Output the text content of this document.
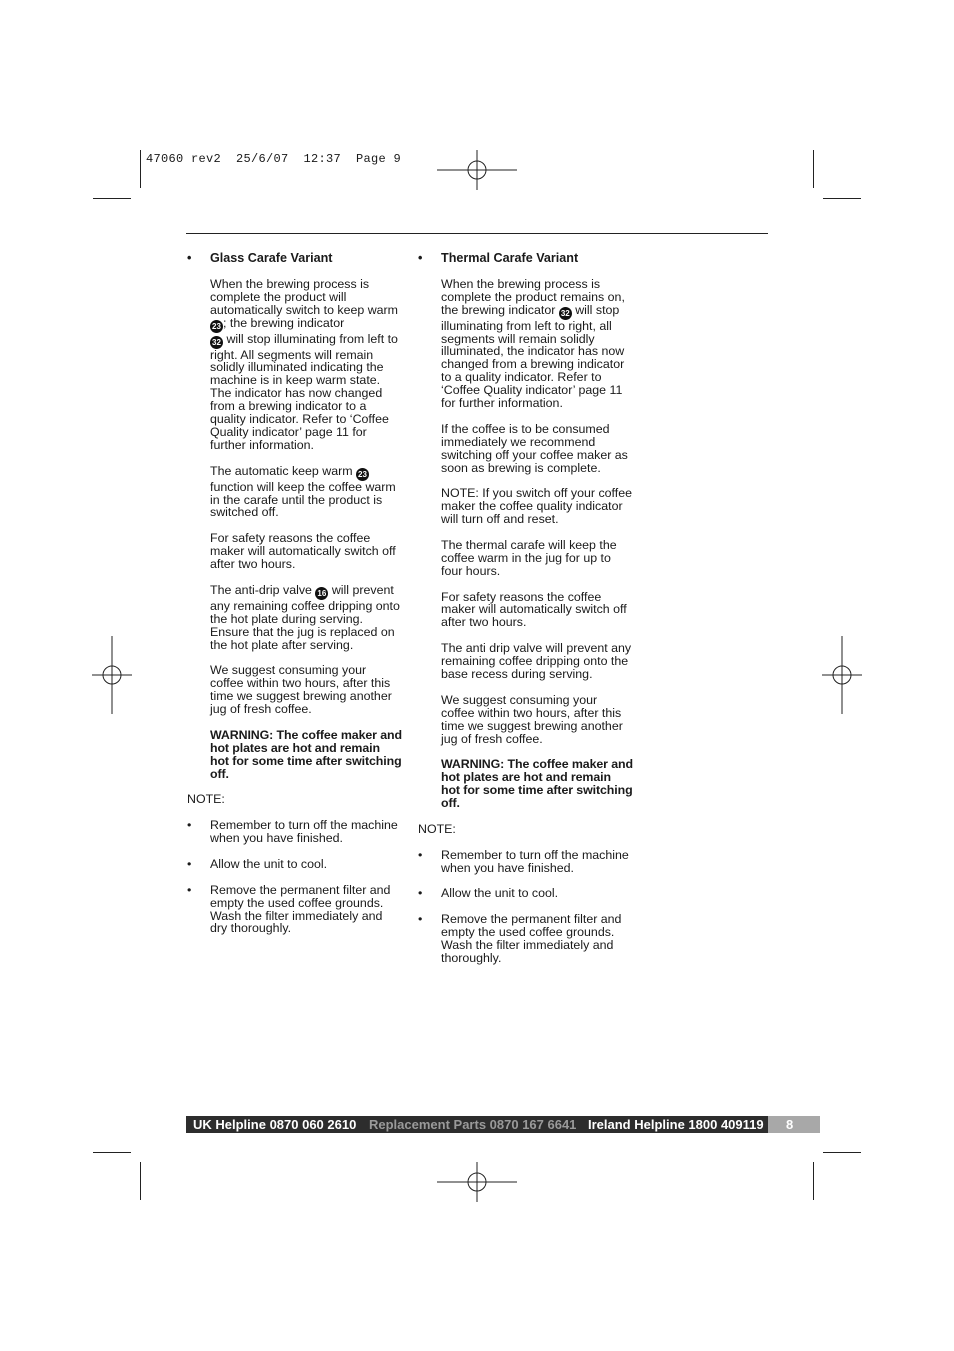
47060 rev2  25/6/07  12:37  Page 9
• Glass Carafe Variant

When the brewing process is complete the product will automatically switch to keep warm 23 ; the brewing indicator
32 will stop illuminating from left to right. All segments will remain solidly illuminated indicating the machine is in keep warm state. The indicator has now changed from a brewing indicator to a quality indicator. Refer to ‘Coffee Quality indicator’ page 11 for further information.

The automatic keep warm 23 function will keep the coffee warm in the carafe until the product is switched off.

For safety reasons the coffee maker will automatically switch off after two hours.

The anti-drip valve 16 will prevent any remaining coffee dripping onto the hot plate during serving. Ensure that the jug is replaced on the hot plate after serving.

We suggest consuming your coffee within two hours, after this time we suggest brewing another jug of fresh coffee.

WARNING: The coffee maker and hot plates are hot and remain hot for some time after switching off.

NOTE:

• Remember to turn off the machine when you have finished.

• Allow the unit to cool.

• Remove the permanent filter and empty the used coffee grounds. Wash the filter immediately and dry thoroughly.

• Thermal Carafe Variant

When the brewing process is complete the product remains on, the brewing indicator 32 will stop illuminating from left to right, all segments will remain solidly illuminated, the indicator has now changed from a brewing indicator to a quality indicator. Refer to ‘Coffee Quality indicator’ page 11 for further information.

If the coffee is to be consumed immediately we recommend switching off your coffee maker as soon as brewing is complete.

NOTE: If you switch off your coffee maker the coffee quality indicator will turn off and reset.

The thermal carafe will keep the coffee warm in the jug for up to four hours.

For safety reasons the coffee maker will automatically switch off after two hours.

The anti drip valve will prevent any remaining coffee dripping onto the base recess during serving.

We suggest consuming your coffee within two hours, after this time we suggest brewing another jug of fresh coffee.

WARNING: The coffee maker and hot plates are hot and remain hot for some time after switching off.

NOTE:

• Remember to turn off the machine when you have finished.

• Allow the unit to cool.

• Remove the permanent filter and empty the used coffee grounds. Wash the filter immediately and thoroughly.

UK Helpline 0870 060 2610 Replacement Parts 0870 167 6641 Ireland Helpline 1800 409119	8
